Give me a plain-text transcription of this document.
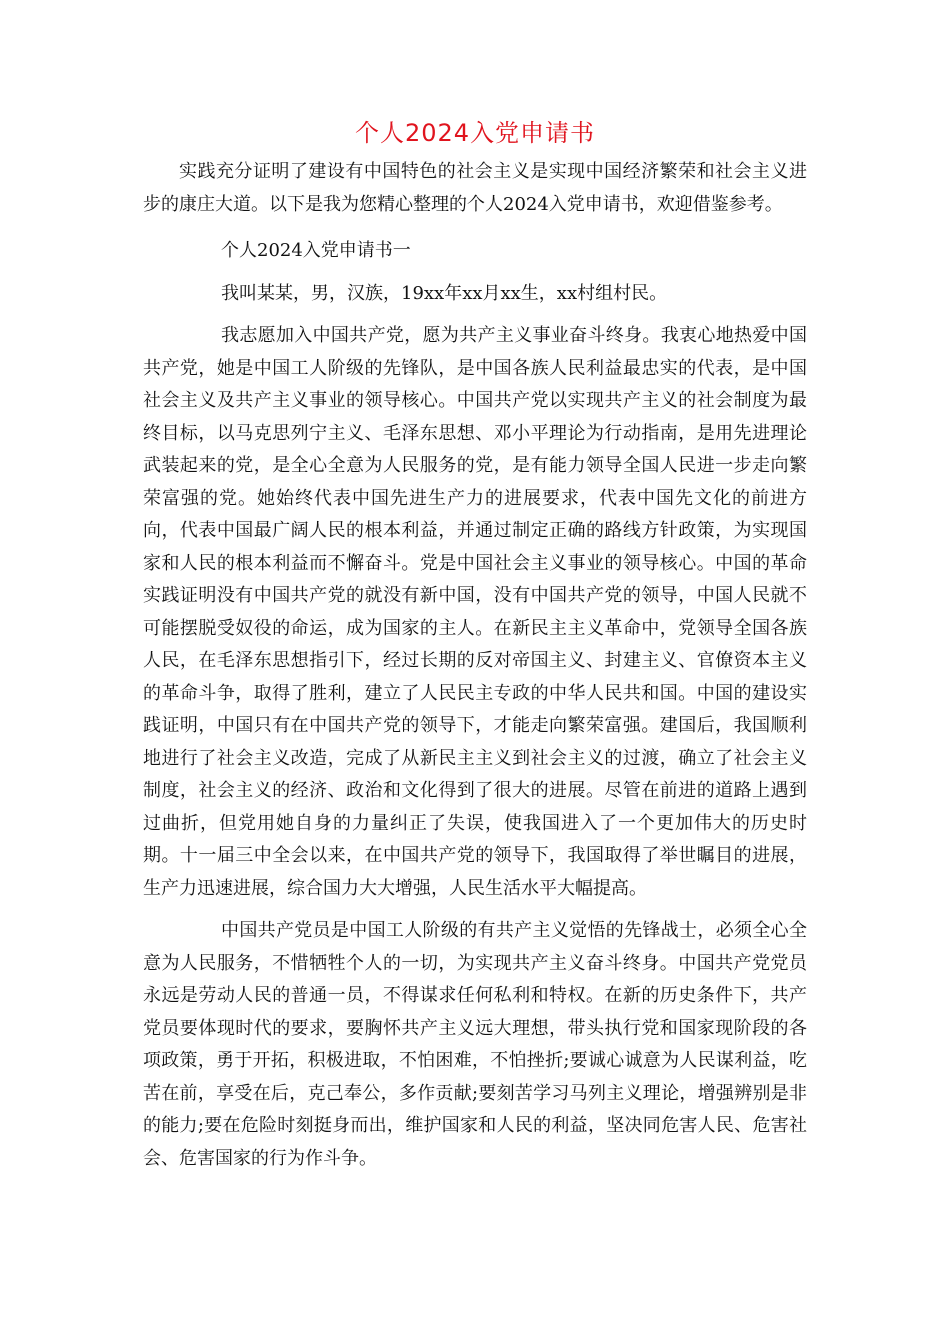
个人2024入党申请书

实践充分证明了建设有中国特色的社会主义是实现中国经济繁荣和社会主义进步的康庄大道。以下是我为您精心整理的个人2024入党申请书，欢迎借鉴参考。

个人2024入党申请书一

我叫某某，男，汉族，19xx年xx月xx生，xx村组村民。

我志愿加入中国共产党，愿为共产主义事业奋斗终身。我衷心地热爱中国共产党，她是中国工人阶级的先锋队，是中国各族人民利益最忠实的代表，是中国社会主义及共产主义事业的领导核心。中国共产党以实现共产主义的社会制度为最终目标，以马克思列宁主义、毛泽东思想、邓小平理论为行动指南，是用先进理论武装起来的党，是全心全意为人民服务的党，是有能力领导全国人民进一步走向繁荣富强的党。她始终代表中国先进生产力的进展要求，代表中国先文化的前进方向，代表中国最广阔人民的根本利益，并通过制定正确的路线方针政策，为实现国家和人民的根本利益而不懈奋斗。党是中国社会主义事业的领导核心。中国的革命实践证明没有中国共产党的就没有新中国，没有中国共产党的领导，中国人民就不可能摆脱受奴役的命运，成为国家的主人。在新民主主义革命中，党领导全国各族人民，在毛泽东思想指引下，经过长期的反对帝国主义、封建主义、官僚资本主义的革命斗争，取得了胜利，建立了人民民主专政的中华人民共和国。中国的建设实践证明，中国只有在中国共产党的领导下，才能走向繁荣富强。建国后，我国顺利地进行了社会主义改造，完成了从新民主主义到社会主义的过渡，确立了社会主义制度，社会主义的经济、政治和文化得到了很大的进展。尽管在前进的道路上遇到过曲折，但党用她自身的力量纠正了失误，使我国进入了一个更加伟大的历史时期。十一届三中全会以来，在中国共产党的领导下，我国取得了举世瞩目的进展，生产力迅速进展，综合国力大大增强，人民生活水平大幅提高。

中国共产党员是中国工人阶级的有共产主义觉悟的先锋战士，必须全心全意为人民服务，不惜牺牲个人的一切，为实现共产主义奋斗终身。中国共产党党员永远是劳动人民的普通一员，不得谋求任何私利和特权。在新的历史条件下，共产党员要体现时代的要求，要胸怀共产主义远大理想，带头执行党和国家现阶段的各项政策，勇于开拓，积极进取，不怕困难，不怕挫折;要诚心诚意为人民谋利益，吃苦在前，享受在后，克己奉公，多作贡献;要刻苦学习马列主义理论，增强辨别是非的能力;要在危险时刻挺身而出，维护国家和人民的利益，坚决同危害人民、危害社会、危害国家的行为作斗争。
